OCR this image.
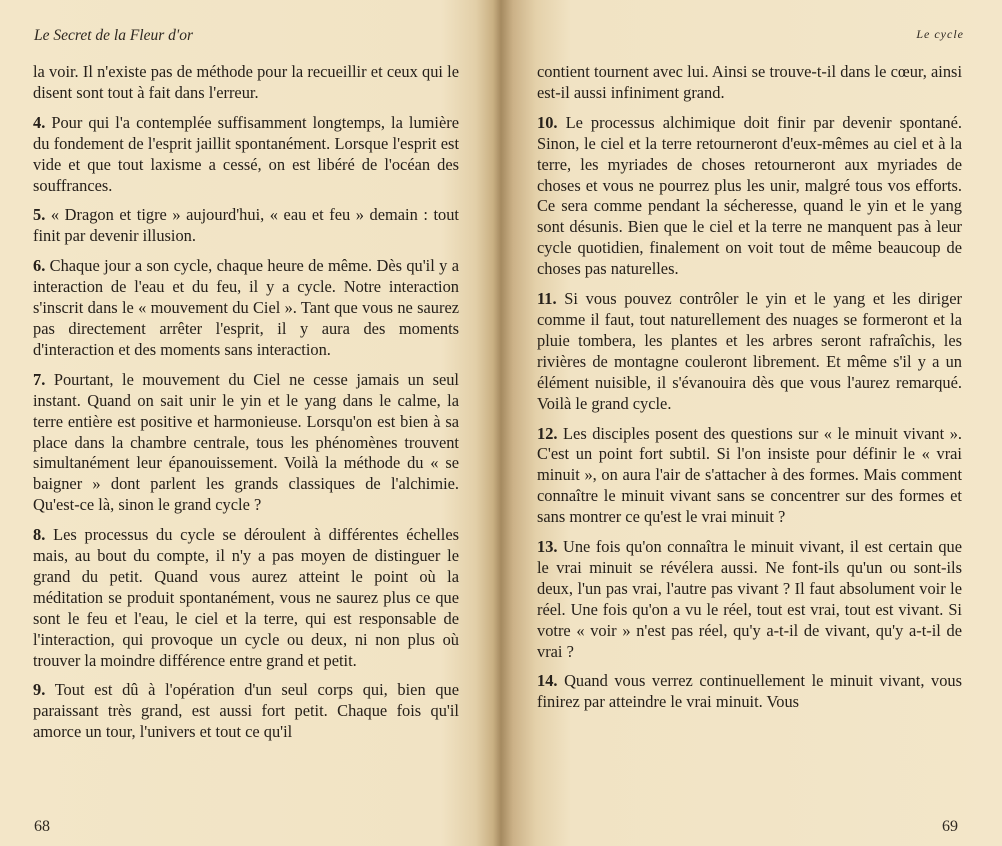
Le Secret de la Fleur d'or

la voir. Il n'existe pas de méthode pour la recueillir et ceux qui le disent sont tout à fait dans l'erreur.

4. Pour qui l'a contemplée suffisamment longtemps, la lumière du fondement de l'esprit jaillit spontanément. Lorsque l'esprit est vide et que tout laxisme a cessé, on est libéré de l'océan des souffrances.

5. « Dragon et tigre » aujourd'hui, « eau et feu » demain : tout finit par devenir illusion.

6. Chaque jour a son cycle, chaque heure de même. Dès qu'il y a interaction de l'eau et du feu, il y a cycle. Notre interaction s'inscrit dans le « mouvement du Ciel ». Tant que vous ne saurez pas directement arrêter l'esprit, il y aura des moments d'interaction et des moments sans interaction.

7. Pourtant, le mouvement du Ciel ne cesse jamais un seul instant. Quand on sait unir le yin et le yang dans le calme, la terre entière est positive et harmonieuse. Lorsqu'on est bien à sa place dans la chambre centrale, tous les phénomènes trouvent simultanément leur épanouissement. Voilà la méthode du « se baigner » dont parlent les grands classiques de l'alchimie. Qu'est-ce là, sinon le grand cycle ?

8. Les processus du cycle se déroulent à différentes échelles mais, au bout du compte, il n'y a pas moyen de distinguer le grand du petit. Quand vous aurez atteint le point où la méditation se produit spontanément, vous ne saurez plus ce que sont le feu et l'eau, le ciel et la terre, qui est responsable de l'interaction, qui provoque un cycle ou deux, ni non plus où trouver la moindre différence entre grand et petit.

9. Tout est dû à l'opération d'un seul corps qui, bien que paraissant très grand, est aussi fort petit. Chaque fois qu'il amorce un tour, l'univers et tout ce qu'il

68
Le cycle

contient tournent avec lui. Ainsi se trouve-t-il dans le cœur, ainsi est-il aussi infiniment grand.

10. Le processus alchimique doit finir par devenir spontané. Sinon, le ciel et la terre retourneront d'eux-mêmes au ciel et à la terre, les myriades de choses retourneront aux myriades de choses et vous ne pourrez plus les unir, malgré tous vos efforts. Ce sera comme pendant la sécheresse, quand le yin et le yang sont désunis. Bien que le ciel et la terre ne manquent pas à leur cycle quotidien, finalement on voit tout de même beaucoup de choses pas naturelles.

11. Si vous pouvez contrôler le yin et le yang et les diriger comme il faut, tout naturellement des nuages se formeront et la pluie tombera, les plantes et les arbres seront rafraîchis, les rivières de montagne couleront librement. Et même s'il y a un élément nuisible, il s'évanouira dès que vous l'aurez remarqué. Voilà le grand cycle.

12. Les disciples posent des questions sur « le minuit vivant ». C'est un point fort subtil. Si l'on insiste pour définir le « vrai minuit », on aura l'air de s'attacher à des formes. Mais comment connaître le minuit vivant sans se concentrer sur des formes et sans montrer ce qu'est le vrai minuit ?

13. Une fois qu'on connaîtra le minuit vivant, il est certain que le vrai minuit se révélera aussi. Ne font-ils qu'un ou sont-ils deux, l'un pas vrai, l'autre pas vivant ? Il faut absolument voir le réel. Une fois qu'on a vu le réel, tout est vrai, tout est vivant. Si votre « voir » n'est pas réel, qu'y a-t-il de vivant, qu'y a-t-il de vrai ?

14. Quand vous verrez continuellement le minuit vivant, vous finirez par atteindre le vrai minuit. Vous

69
